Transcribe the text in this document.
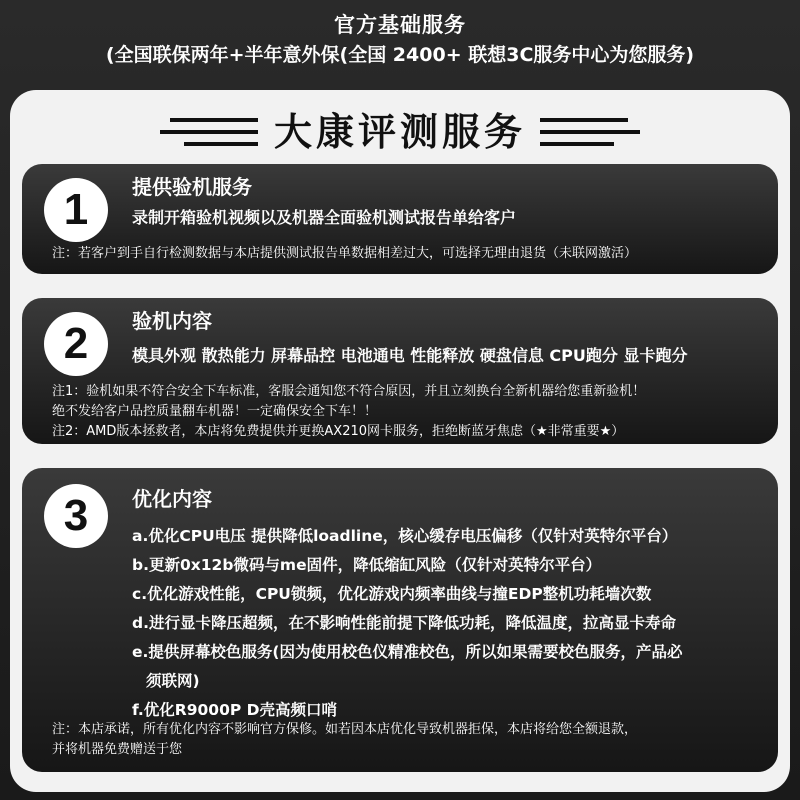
官方基础服务
(全国联保两年+半年意外保(全国 2400+ 联想3C服务中心为您服务)
大康评测服务
1	提供验机服务
录制开箱验机视频以及机器全面验机测试报告单给客户
注：若客户到手自行检测数据与本店提供测试报告单数据相差过大，可选择无理由退货（未联网激活）
2	验机内容
模具外观 散热能力 屏幕品控 电池通电 性能释放 硬盘信息 CPU跑分 显卡跑分
注1：验机如果不符合安全下车标准，客服会通知您不符合原因，并且立刻换台全新机器给您重新验机！
绝不发给客户品控质量翻车机器！一定确保安全下车！！
注2：AMD版本拯救者，本店将免费提供并更换AX210网卡服务，拒绝断蓝牙焦虑（★非常重要★）
3	优化内容
a.优化CPU电压 提供降低loadline，核心缓存电压偏移（仅针对英特尔平台）
b.更新0x12b微码与me固件，降低缩缸风险（仅针对英特尔平台）
c.优化游戏性能，CPU锁频，优化游戏内频率曲线与撞EDP整机功耗墙次数
d.进行显卡降压超频，在不影响性能前提下降低功耗，降低温度，拉高显卡寿命
e.提供屏幕校色服务(因为使用校色仪精准校色，所以如果需要校色服务，产品必
须联网)
f.优化R9000P D壳高频口哨
注：本店承诺，所有优化内容不影响官方保修。如若因本店优化导致机器拒保，本店将给您全额退款，
并将机器免费赠送于您
